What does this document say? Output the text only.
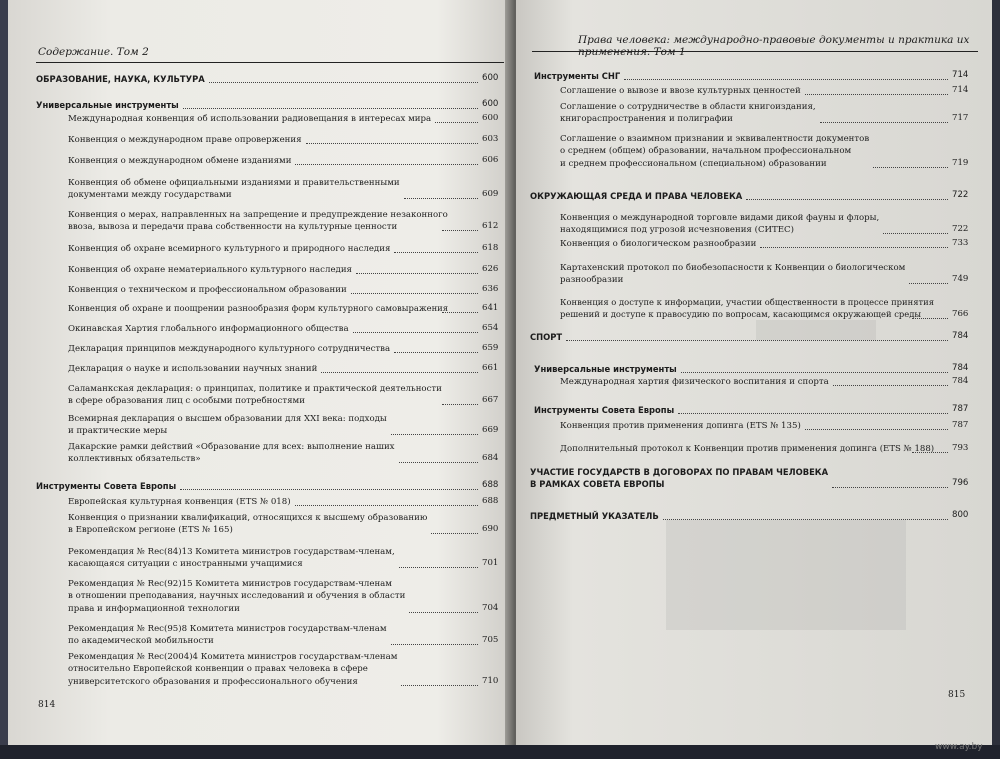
Содержание. Том 2
ОБРАЗОВАНИЕ, НАУКА, КУЛЬТУРА	600
Универсальные инструменты	600
Международная конвенция об использовании радиовещания в интересах мира	600
Конвенция о международном праве опровержения	603
Конвенция о международном обмене изданиями	606
Конвенция об обмене официальными изданиями и правительственными
документами между государствами	609
Конвенция о мерах, направленных на запрещение и предупреждение незаконного
ввоза, вывоза и передачи права собственности на культурные ценности	612
Конвенция об охране всемирного культурного и природного наследия	618
Конвенция об охране нематериального культурного наследия	626
Конвенция о техническом и профессиональном образовании	636
Конвенция об охране и поощрении разнообразия форм культурного самовыражения	641
Окинавская Хартия глобального информационного общества	654
Декларация принципов международного культурного сотрудничества	659
Декларация о науке и использовании научных знаний	661
Саламанкская декларация: о принципах, политике и практической деятельности
в сфере образования лиц с особыми потребностями	667
Всемирная декларация о высшем образовании для XXI века: подходы
и практические меры	669
Дакарские рамки действий «Образование для всех: выполнение наших
коллективных обязательств»	684
Инструменты Совета Европы	688
Европейская культурная конвенция (ETS № 018)	688
Конвенция о признании квалификаций, относящихся к высшему образованию
в Европейском регионе (ETS № 165)	690
Рекомендация № Rec(84)13 Комитета министров государствам-членам,
касающаяся ситуации с иностранными учащимися	701
Рекомендация № Rec(92)15 Комитета министров государствам-членам
в отношении преподавания, научных исследований и обучения в области
права и информационной технологии	704
Рекомендация № Rec(95)8 Комитета министров государствам-членам
по академической мобильности	705
Рекомендация № Rec(2004)4 Комитета министров государствам-членам
относительно Европейской конвенции о правах человека в сфере
университетского образования и профессионального обучения	710
814
Права человека: международно-правовые документы и практика их применения. Том 1
Инструменты СНГ	714
Соглашение о вывозе и ввозе культурных ценностей	714
Соглашение о сотрудничестве в области книгоиздания,
книгораспространения и полиграфии	717
Соглашение о взаимном признании и эквивалентности документов
о среднем (общем) образовании, начальном профессиональном
и среднем профессиональном (специальном) образовании	719
ОКРУЖАЮЩАЯ СРЕДА И ПРАВА ЧЕЛОВЕКА	722
Конвенция о международной торговле видами дикой фауны и флоры,
находящимися под угрозой исчезновения (СИТЕС)	722
Конвенция о биологическом разнообразии	733
Картахенский протокол по биобезопасности к Конвенции о биологическом
разнообразии	749
Конвенция о доступе к информации, участии общественности в процессе принятия
решений и доступе к правосудию по вопросам, касающимся окружающей среды	766
СПОРТ	784
Универсальные инструменты	784
Международная хартия физического воспитания и спорта	784
Инструменты Совета Европы	787
Конвенция против применения допинга (ETS № 135)	787
Дополнительный протокол к Конвенции против применения допинга (ETS № 188) 793
УЧАСТИЕ ГОСУДАРСТВ В ДОГОВОРАХ ПО ПРАВАМ ЧЕЛОВЕКА
В РАМКАХ СОВЕТА ЕВРОПЫ	796
ПРЕДМЕТНЫЙ УКАЗАТЕЛЬ	800
815
www.ay.by
